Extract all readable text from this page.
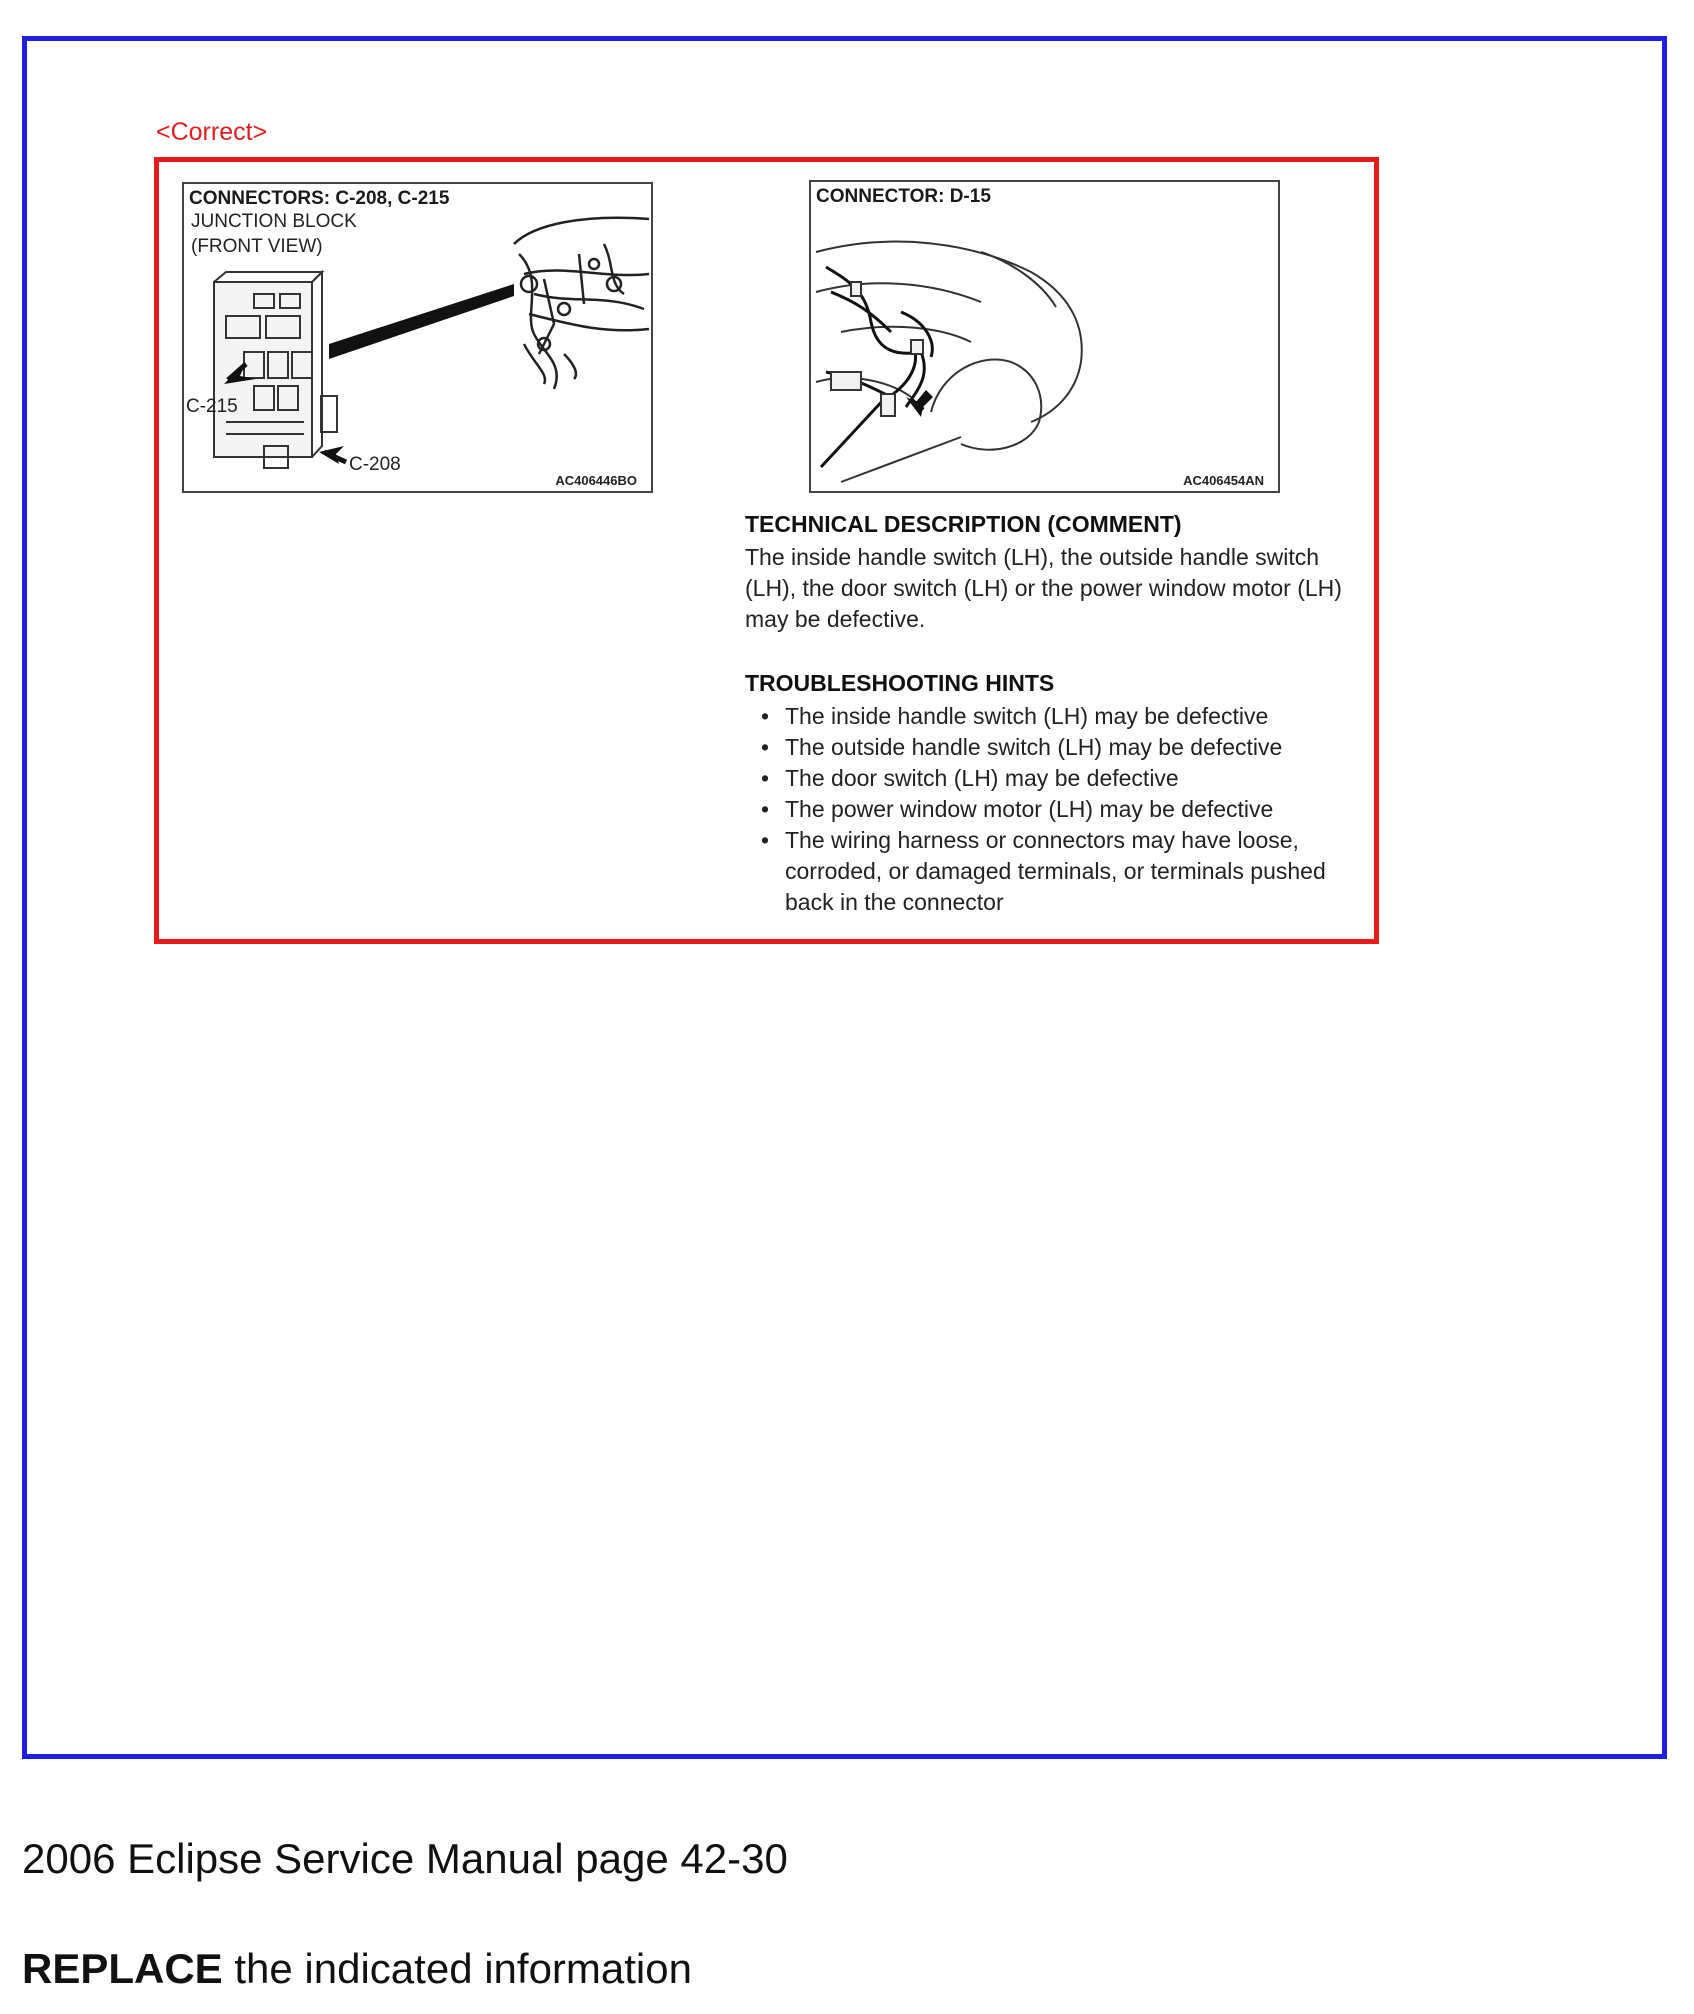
<Correct>
CONNECTORS: C-208, C-215
JUNCTION BLOCK
(FRONT VIEW)
C-215
C-208
AC406446BO
CONNECTOR: D-15
AC406454AN

TECHNICAL DESCRIPTION (COMMENT)

The inside handle switch (LH), the outside handle switch (LH), the door switch (LH) or the power window motor (LH) may be defective.

TROUBLESHOOTING HINTS

• The inside handle switch (LH) may be defective
• The outside handle switch (LH) may be defective
• The door switch (LH) may be defective
• The power window motor (LH) may be defective
• The wiring harness or connectors may have loose, corroded, or damaged terminals, or terminals pushed back in the connector
2006 Eclipse Service Manual page 42-30
REPLACE the indicated information
